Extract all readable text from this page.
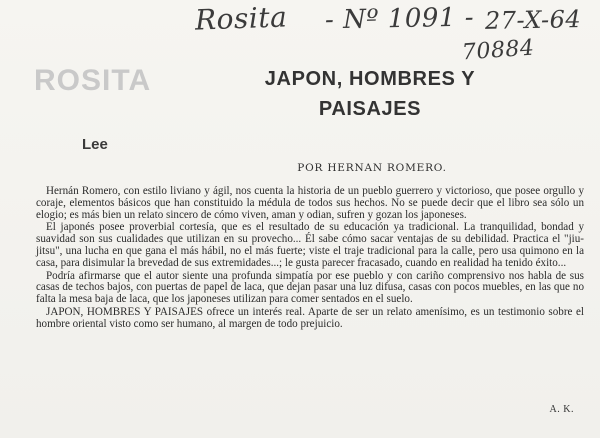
Rosita - Nº 1091 - 27-X-64
70884
ROSITA
Lee
JAPON, HOMBRES Y
PAISAJES
POR HERNAN ROMERO.

Hernán Romero, con estilo liviano y ágil, nos cuenta la historia de un pueblo guerrero y victorioso, que posee orgullo y coraje, elementos básicos que han constituido la médula de todos sus hechos. No se puede decir que el libro sea sólo un elogio; es más bien un relato sincero de cómo viven, aman y odian, sufren y gozan los japoneses.

El japonés posee proverbial cortesía, que es el resultado de su educación ya tradicional. La tranquilidad, bondad y suavidad son sus cualidades que utilizan en su provecho... Él sabe cómo sacar ventajas de su debilidad. Practica el "jiu-jitsu", una lucha en que gana el más hábil, no el más fuerte; viste el traje tradicional para la calle, pero usa quimono en la casa, para disimular la brevedad de sus extremidades...; le gusta parecer fracasado, cuando en realidad ha tenido éxito...

Podría afirmarse que el autor siente una profunda simpatía por ese pueblo y con cariño comprensivo nos habla de sus casas de techos bajos, con puertas de papel de laca, que dejan pasar una luz difusa, casas con pocos muebles, en las que no falta la mesa baja de laca, que los japoneses utilizan para comer sentados en el suelo.

JAPON, HOMBRES Y PAISAJES ofrece un interés real. Aparte de ser un relato amenísimo, es un testimonio sobre el hombre oriental visto como ser humano, al margen de todo prejuicio.

A. K.
